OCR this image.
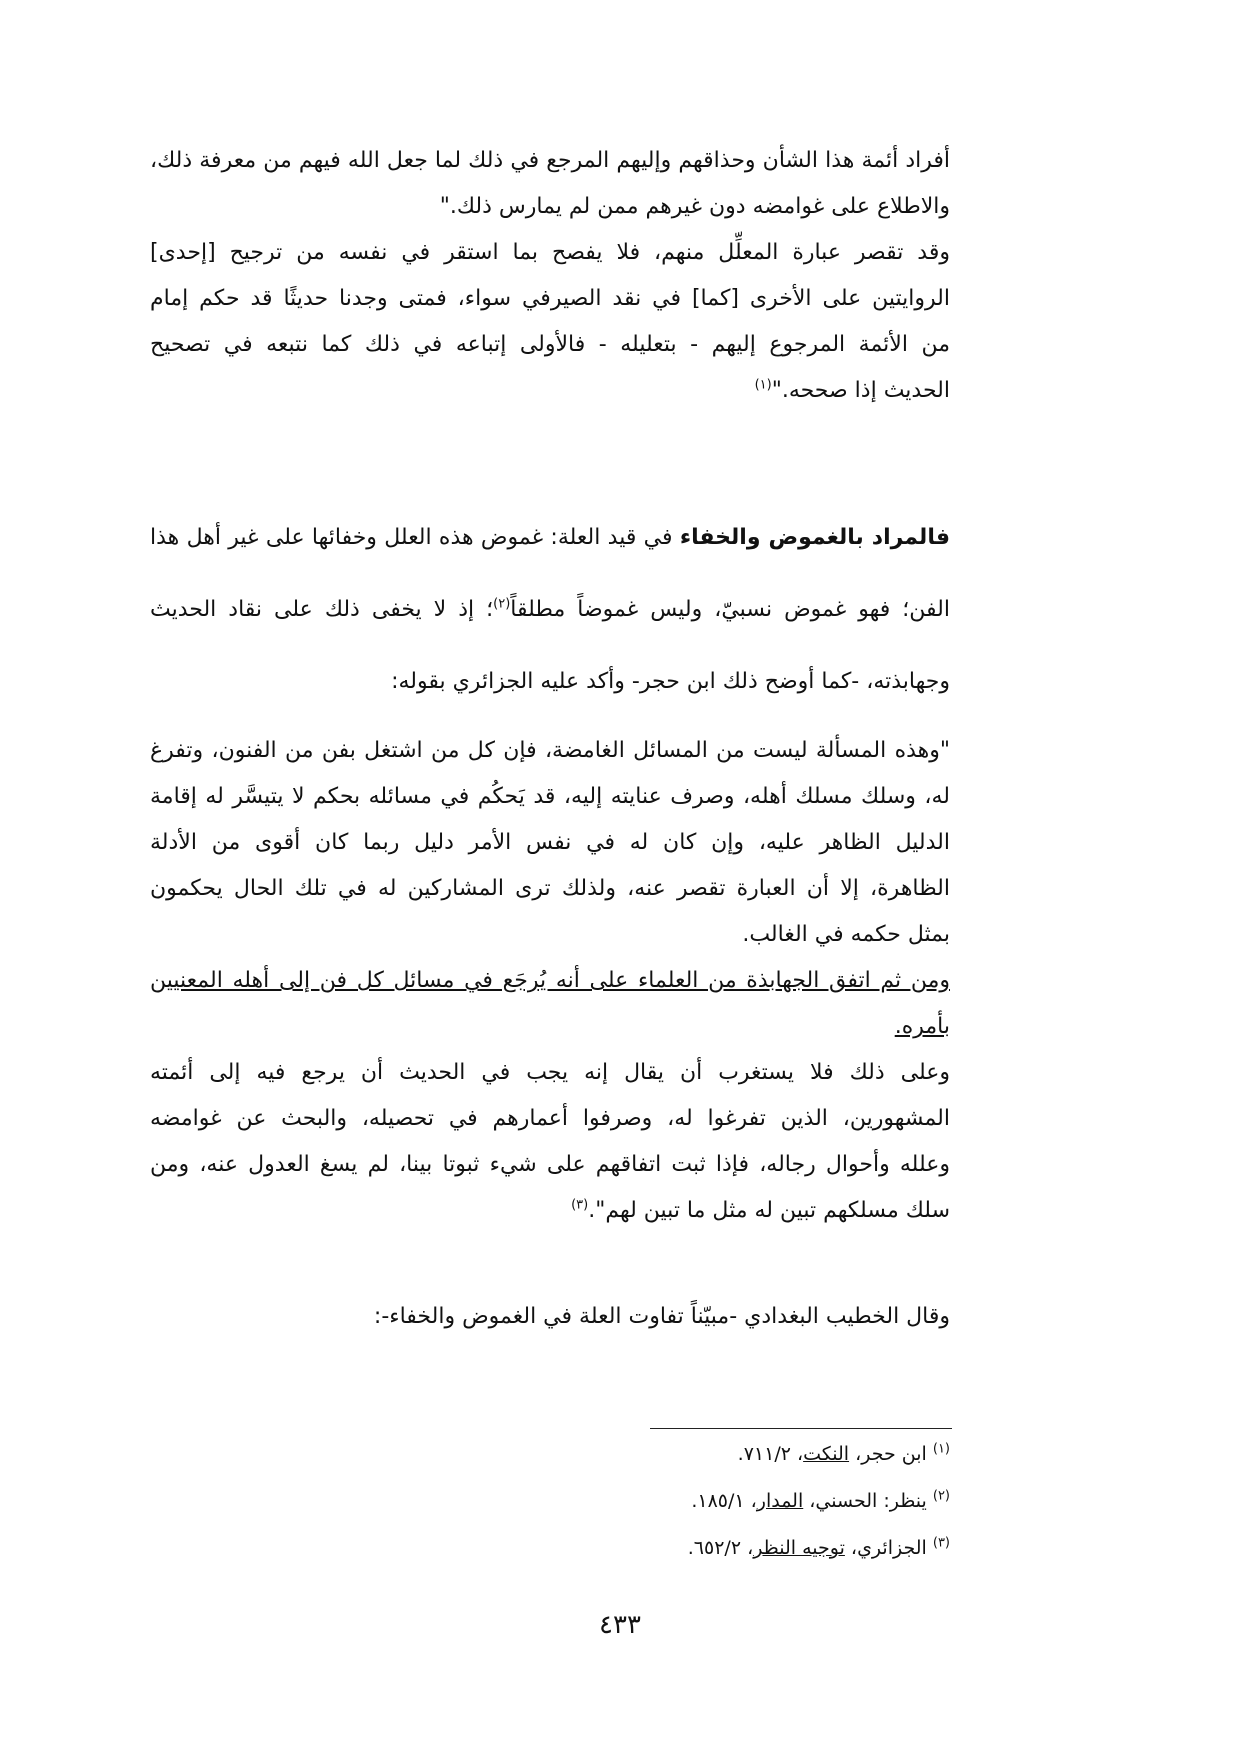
أفراد أئمة هذا الشأن وحذاقهم وإليهم المرجع في ذلك لما جعل الله فيهم من معرفة ذلك،
والاطلاع على غوامضه دون غيرهم ممن لم يمارس ذلك."
وقد تقصر عبارة المعلِّل منهم، فلا يفصح بما استقر في نفسه من ترجيح [إحدى]
الروايتين على الأخرى [كما] في نقد الصيرفي سواء، فمتى وجدنا حديثًا قد حكم إمام
من الأئمة المرجوع إليهم - بتعليله - فالأولى إتباعه في ذلك كما نتبعه في تصحيح
الحديث إذا صححه."$^{(١)}$
فالمراد بالغموض والخفاء في قيد العلة: غموض هذه العلل وخفائها على غير أهل هذا
الفن؛ فهو غموض نسبيّ، وليس غموضاً مطلقاً$^{(٢)}$؛ إذ لا يخفى ذلك على نقاد الحديث
وجهابذته، -كما أوضح ذلك ابن حجر- وأكد عليه الجزائري بقوله:
"وهذه المسألة ليست من المسائل الغامضة، فإن كل من اشتغل بفن من الفنون، وتفرغ
له، وسلك مسلك أهله، وصرف عنايته إليه، قد يَحكُم في مسائله بحكم لا يتيسَّر له إقامة
الدليل الظاهر عليه، وإن كان له في نفس الأمر دليل ربما كان أقوى من الأدلة
الظاهرة، إلا أن العبارة تقصر عنه، ولذلك ترى المشاركين له في تلك الحال يحكمون
بمثل حكمه في الغالب.
ومن ثم اتفق الجهابذة من العلماء على أنه يُرجَع في مسائل كل فن إلى أهله المعنيين
بأمره.
وعلى ذلك فلا يستغرب أن يقال إنه يجب في الحديث أن يرجع فيه إلى أئمته
المشهورين، الذين تفرغوا له، وصرفوا أعمارهم في تحصيله، والبحث عن غوامضه
وعلله وأحوال رجاله، فإذا ثبت اتفاقهم على شيء ثبوتا بينا، لم يسغ العدول عنه، ومن
سلك مسلكهم تبين له مثل ما تبين لهم".$^{(٣)}$
وقال الخطيب البغدادي -مبيّناً تفاوت العلة في الغموض والخفاء-:
$^{(١)}$ ابن حجر، النكت، ٧١١/٢.
$^{(٢)}$ ينظر: الحسني، المدار، ١٨٥/١.
$^{(٣)}$ الجزائري، توجيه النظر، ٦٥٢/٢.
٤٣٣
